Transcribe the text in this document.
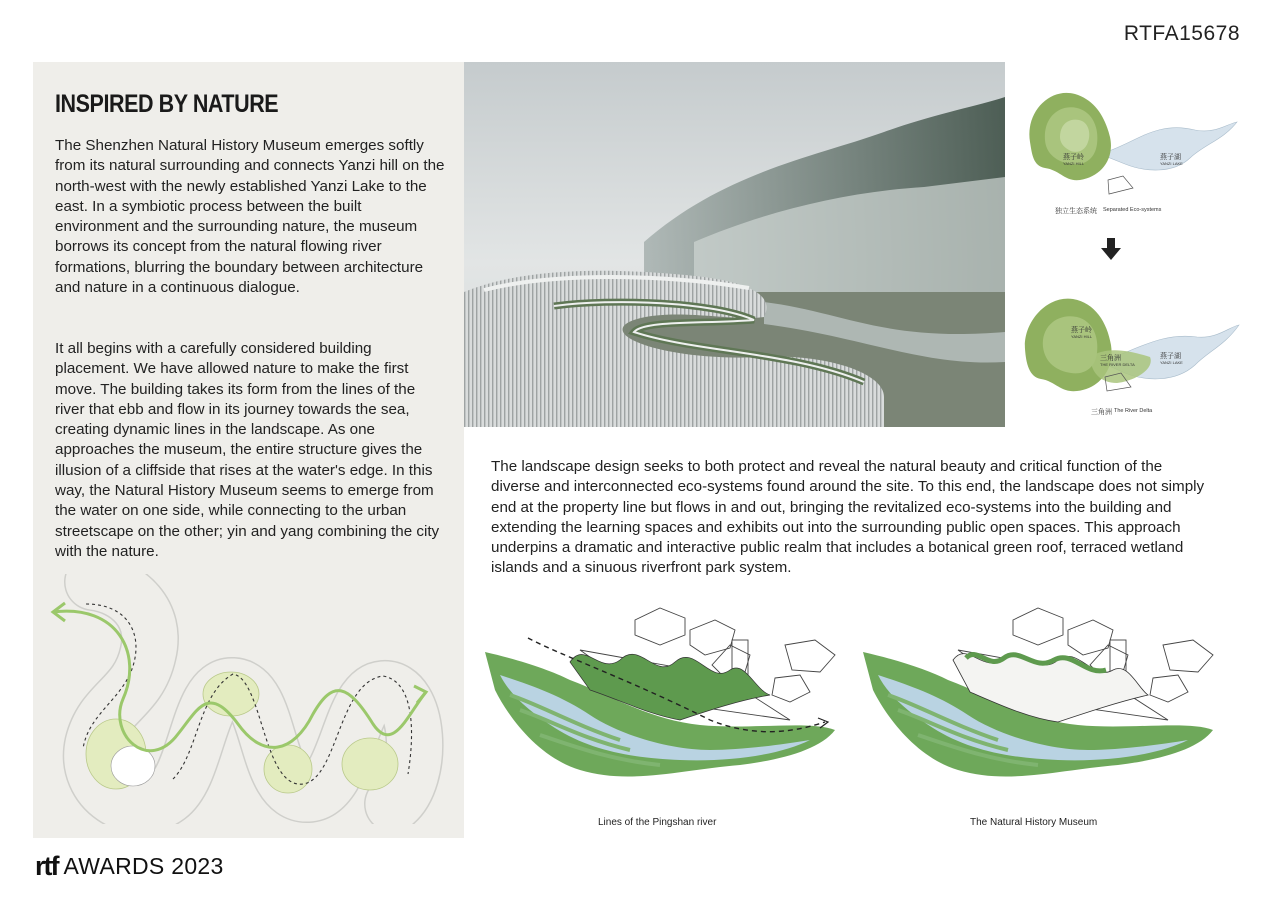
RTFA15678
INSPIRED BY NATURE

The Shenzhen Natural History Museum emerges softly from its natural surrounding and connects Yanzi hill on the north-west with the newly established Yanzi Lake to the east. In a symbiotic process between the built environment and the surrounding nature, the museum borrows its concept from the natural flowing river formations, blurring the boundary between architecture and nature in a continuous dialogue.

It all begins with a carefully considered building placement. We have allowed nature to make the first move. The building takes its form from the lines of the river that ebb and flow in its journey towards the sea, creating dynamic lines in the landscape. As one approaches the museum, the entire structure gives the illusion of a cliffside that rises at the water's edge. In this way, the Natural History Museum seems to emerge from the water on one side, while connecting to the urban streetscape on the other; yin and yang combining the city with the nature.

燕子岭
YANZI HILL
燕子湖
YANZI LAKE
独立生态系统 Separated Eco-systems
燕子岭
YANZI HILL
三角洲
THE RIVER DELTA
燕子湖
YANZI LAKE
三角洲 The River Delta

The landscape design seeks to both protect and reveal the natural beauty and critical function of the diverse and interconnected eco-systems found around the site. To this end, the landscape does not simply end at the property line but flows in and out, bringing the revitalized eco-systems into the building and extending the learning spaces and exhibits out into the surrounding public open spaces. This approach underpins a dramatic and interactive public realm that includes a botanical green roof, terraced wetland islands and a sinuous riverfront park system.

Lines of the Pingshan river	The Natural History Museum
rtf AWARDS 2023
